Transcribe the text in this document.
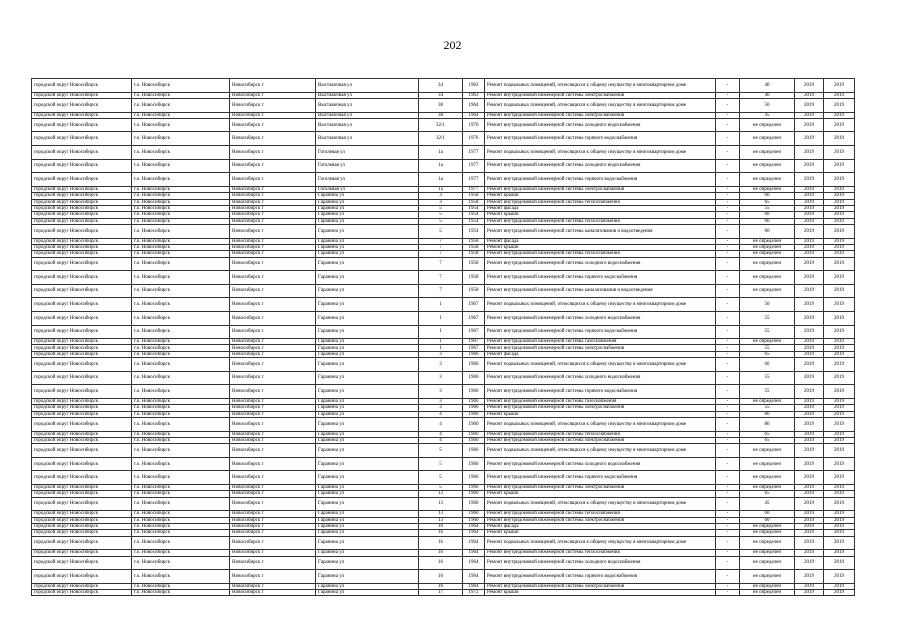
202
городской округ Новосибирск	г.о. Новосибирск	Новосибирск г	Выставочная ул	34	1963	Ремонт подвальных помещений, относящихся к общему имуществу в многоквартирном доме	-	40	2019	2019
городской округ Новосибирск	г.о. Новосибирск	Новосибирск г	Выставочная ул	34	1963	Ремонт внутридомовой инженерной системы электроснабжения	-	40	2019	2019
городской округ Новосибирск	г.о. Новосибирск	Новосибирск г	Выставочная ул	38	1964	Ремонт подвальных помещений, относящихся к общему имуществу в многоквартирном доме	-	50	2019	2019
городской округ Новосибирск	г.о. Новосибирск	Новосибирск г	Выставочная ул	38	1964	Ремонт внутридомовой инженерной системы электроснабжения	-	45	2019	2019
городской округ Новосибирск	г.о. Новосибирск	Новосибирск г	Выставочная ул	32/1	1976	Ремонт внутридомовой инженерной системы холодного водоснабжения	-	не определен	2019	2019
городской округ Новосибирск	г.о. Новосибирск	Новосибирск г	Выставочная ул	32/1	1976	Ремонт внутридомовой инженерной системы горячего водоснабжения	-	не определен	2019	2019
городской округ Новосибирск	г.о. Новосибирск	Новосибирск г	Гоголевая ул	1а	1977	Ремонт подвальных помещений, относящихся к общему имуществу в многоквартирном доме	-	не определен	2019	2019
городской округ Новосибирск	г.о. Новосибирск	Новосибирск г	Гоголевая ул	1а	1977	Ремонт внутридомовой инженерной системы холодного водоснабжения	-	не определен	2019	2019
городской округ Новосибирск	г.о. Новосибирск	Новосибирск г	Гоголевая ул	1а	1977	Ремонт внутридомовой инженерной системы горячего водоснабжения	-	не определен	2019	2019
городской округ Новосибирск	г.о. Новосибирск	Новосибирск г	Гоголевая ул	1а	1977	Ремонт внутридомовой инженерной системы электроснабжения	-	не определен	2019	2019
городской округ Новосибирск	г.о. Новосибирск	Новосибирск г	Гаранина ул	3	1958	Ремонт крыши	-	60	2019	2019
городской округ Новосибирск	г.о. Новосибирск	Новосибирск г	Гаранина ул	3	1958	Ремонт внутридомовой инженерной системы теплоснабжения	-	65	2019	2019
городской округ Новосибирск	г.о. Новосибирск	Новосибирск г	Гаранина ул	5	1954	Ремонт фасада	-	55	2019	2019
городской округ Новосибирск	г.о. Новосибирск	Новосибирск г	Гаранина ул	5	1954	Ремонт крыши	-	60	2019	2019
городской округ Новосибирск	г.о. Новосибирск	Новосибирск г	Гаранина ул	5	1954	Ремонт внутридомовой инженерной системы теплоснабжения	-	60	2019	2019
городской округ Новосибирск	г.о. Новосибирск	Новосибирск г	Гаранина ул	5	1954	Ремонт внутридомовой инженерной системы канализования и водоотведения	-	60	2019	2019
городской округ Новосибирск	г.о. Новосибирск	Новосибирск г	Гаранина ул	7	1958	Ремонт фасада	-	не определен	2019	2019
городской округ Новосибирск	г.о. Новосибирск	Новосибирск г	Гаранина ул	7	1958	Ремонт крыши	-	не определен	2019	2019
городской округ Новосибирск	г.о. Новосибирск	Новосибирск г	Гаранина ул	7	1958	Ремонт внутридомовой инженерной системы теплоснабжения	-	не определен	2019	2019
городской округ Новосибирск	г.о. Новосибирск	Новосибирск г	Гаранина ул	7	1958	Ремонт внутридомовой инженерной системы холодного водоснабжения	-	не определен	2019	2019
городской округ Новосибирск	г.о. Новосибирск	Новосибирск г	Гаранина ул	7	1958	Ремонт внутридомовой инженерной системы горячего водоснабжения	-	не определен	2019	2019
городской округ Новосибирск	г.о. Новосибирск	Новосибирск г	Гаранина ул	7	1958	Ремонт внутридомовой инженерной системы канализования и водоотведения	-	не определен	2019	2019
городской округ Новосибирск	г.о. Новосибирск	Новосибирск г	Гаранина ул	1	1967	Ремонт подвальных помещений, относящихся к общему имуществу в многоквартирном доме	-	50	2019	2019
городской округ Новосибирск	г.о. Новосибирск	Новосибирск г	Гаранина ул	1	1967	Ремонт внутридомовой инженерной системы холодного водоснабжения	-	55	2019	2019
городской округ Новосибирск	г.о. Новосибирск	Новосибирск г	Гаранина ул	1	1967	Ремонт внутридомовой инженерной системы горячего водоснабжения	-	55	2019	2019
городской округ Новосибирск	г.о. Новосибирск	Новосибирск г	Гаранина ул	1	1967	Ремонт внутридомовой инженерной системы газоснабжения	-	не определен	2019	2019
городской округ Новосибирск	г.о. Новосибирск	Новосибирск г	Гаранина ул	1	1967	Ремонт внутридомовой инженерной системы электроснабжения	-	55	2019	2019
городской округ Новосибирск	г.о. Новосибирск	Новосибирск г	Гаранина ул	3	1966	Ремонт фасада	-	65	2019	2019
городской округ Новосибирск	г.о. Новосибирск	Новосибирск г	Гаранина ул	3	1966	Ремонт подвальных помещений, относящихся к общему имуществу в многоквартирном доме	-	60	2019	2019
городской округ Новосибирск	г.о. Новосибирск	Новосибирск г	Гаранина ул	3	1966	Ремонт внутридомовой инженерной системы холодного водоснабжения	-	55	2019	2019
городской округ Новосибирск	г.о. Новосибирск	Новосибирск г	Гаранина ул	3	1966	Ремонт внутридомовой инженерной системы горячего водоснабжения	-	55	2019	2019
городской округ Новосибирск	г.о. Новосибирск	Новосибирск г	Гаранина ул	3	1966	Ремонт внутридомовой инженерной системы газоснабжения	-	не определен	2019	2019
городской округ Новосибирск	г.о. Новосибирск	Новосибирск г	Гаранина ул	3	1966	Ремонт внутридомовой инженерной системы электроснабжения	-	55	2019	2019
городской округ Новосибирск	г.о. Новосибирск	Новосибирск г	Гаранина ул	4	1960	Ремонт крыши	-	80	2019	2019
городской округ Новосибирск	г.о. Новосибирск	Новосибирск г	Гаранина ул	4	1960	Ремонт подвальных помещений, относящихся к общему имуществу в многоквартирном доме	-	86	2019	2019
городской округ Новосибирск	г.о. Новосибирск	Новосибирск г	Гаранина ул	4	1960	Ремонт внутридомовой инженерной системы теплоснабжения	-	65	2019	2019
городской округ Новосибирск	г.о. Новосибирск	Новосибирск г	Гаранина ул	4	1960	Ремонт внутридомовой инженерной системы электроснабжения	-	65	2019	2019
городской округ Новосибирск	г.о. Новосибирск	Новосибирск г	Гаранина ул	5	1966	Ремонт подвальных помещений, относящихся к общему имуществу в многоквартирном доме	-	не определен	2019	2019
городской округ Новосибирск	г.о. Новосибирск	Новосибирск г	Гаранина ул	5	1966	Ремонт внутридомовой инженерной системы холодного водоснабжения	-	не определен	2019	2019
городской округ Новосибирск	г.о. Новосибирск	Новосибирск г	Гаранина ул	5	1966	Ремонт внутридомовой инженерной системы горячего водоснабжения	-	не определен	2019	2019
городской округ Новосибирск	г.о. Новосибирск	Новосибирск г	Гаранина ул	5	1966	Ремонт внутридомовой инженерной системы электроснабжения	-	не определен	2019	2019
городской округ Новосибирск	г.о. Новосибирск	Новосибирск г	Гаранина ул	13	1960	Ремонт крыши	-	65	2019	2019
городской округ Новосибирск	г.о. Новосибирск	Новосибирск г	Гаранина ул	13	1960	Ремонт подвальных помещений, относящихся к общему имуществу в многоквартирном доме	-	45	2019	2019
городской округ Новосибирск	г.о. Новосибирск	Новосибирск г	Гаранина ул	13	1960	Ремонт внутридомовой инженерной системы теплоснабжения	-	60	2019	2019
городской округ Новосибирск	г.о. Новосибирск	Новосибирск г	Гаранина ул	13	1960	Ремонт внутридомовой инженерной системы электроснабжения	-	60	2019	2019
городской округ Новосибирск	г.о. Новосибирск	Новосибирск г	Гаранина ул	16	1964	Ремонт фасада	-	не определен	2019	2019
городской округ Новосибирск	г.о. Новосибирск	Новосибирск г	Гаранина ул	16	1964	Ремонт крыши	-	не определен	2019	2019
городской округ Новосибирск	г.о. Новосибирск	Новосибирск г	Гаранина ул	16	1964	Ремонт подвальных помещений, относящихся к общему имуществу в многоквартирном доме	-	не определен	2019	2019
городской округ Новосибирск	г.о. Новосибирск	Новосибирск г	Гаранина ул	16	1964	Ремонт внутридомовой инженерной системы теплоснабжения	-	не определен	2019	2019
городской округ Новосибирск	г.о. Новосибирск	Новосибирск г	Гаранина ул	16	1964	Ремонт внутридомовой инженерной системы холодного водоснабжения	-	не определен	2019	2019
городской округ Новосибирск	г.о. Новосибирск	Новосибирск г	Гаранина ул	16	1964	Ремонт внутридомовой инженерной системы горячего водоснабжения	-	не определен	2019	2019
городской округ Новосибирск	г.о. Новосибирск	Новосибирск г	Гаранина ул	16	1964	Ремонт внутридомовой инженерной системы электроснабжения	-	не определен	2019	2019
городской округ Новосибирск	г.о. Новосибирск	Новосибирск г	Гаранина ул	17	1972	Ремонт крыши	-	не определен	2019	2019
